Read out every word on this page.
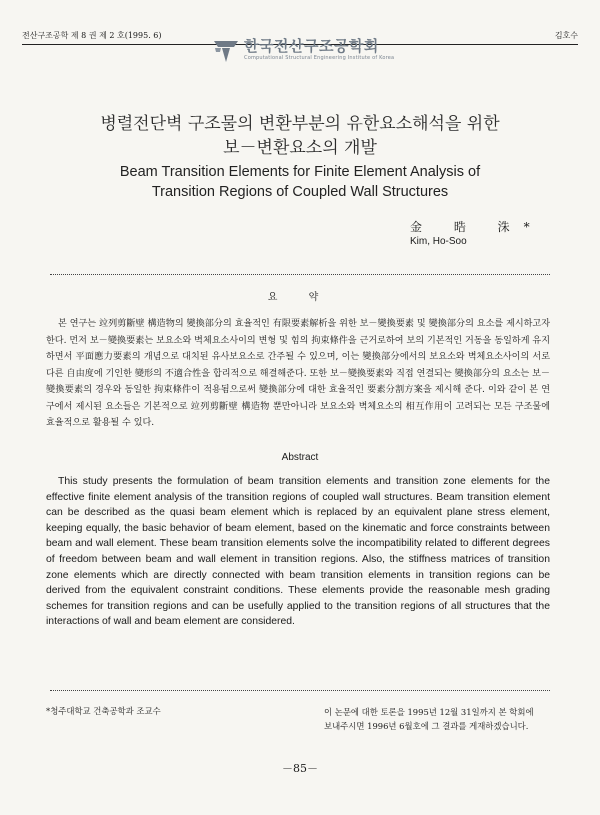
전산구조공학 제 8 권 제 2 호(1995. 6)	김호수
한국전산구조공학회
Computational Structural Engineering Institute of Korea
병렬전단벽 구조물의 변환부분의 유한요소해석을 위한
보－변환요소의 개발
Beam Transition Elements for Finite Element Analysis of
Transition Regions of Coupled Wall Structures
金 晧 洙*
Kim, Ho-Soo
요 약
본 연구는 竝列剪斷壁 構造物의 變換部分의 효율적인 有限要素解析을 위한 보－變換要素 및 變換部分의 요소를 제시하고자 한다. 먼저 보－變換要素는 보요소와 벽체요소사이의 변형 및 힘의 拘束條件을 근거로하여 보의 기본적인 거동을 동일하게 유지하면서 平面應力要素의 개념으로 대치된 유사보요소로 간주될 수 있으며, 이는 變換部分에서의 보요소와 벽체요소사이의 서로 다른 自由度에 기인한 變形의 不適合性을 합리적으로 해결해준다. 또한 보－變換要素와 직접 연결되는 變換部分의 요소는 보－變換要素의 경우와 동일한 拘束條件이 적용됨으로써 變換部分에 대한 효율적인 要素分割方案을 제시해 준다. 이와 같이 본 연구에서 제시된 요소들은 기본적으로 竝列剪斷壁 構造物 뿐만아니라 보요소와 벽체요소의 相互作用이 고려되는 모든 구조물에 효율적으로 활용될 수 있다.
Abstract
This study presents the formulation of beam transition elements and transition zone elements for the effective finite element analysis of the transition regions of coupled wall structures. Beam transition element can be described as the quasi beam element which is replaced by an equivalent plane stress element, keeping equally, the basic behavior of beam element, based on the kinematic and force constraints between beam and wall element. These beam transition elements solve the incompatibility related to different degrees of freedom between beam and wall element in transition regions. Also, the stiffness matrices of transition zone elements which are directly connected with beam transition elements in transition regions can be derived from the equivalent constraint conditions. These elements provide the reasonable mesh grading schemes for transition regions and can be usefully applied to the transition regions of all structures that the interactions of wall and beam element are considered.
*청주대학교 건축공학과 조교수	이 논문에 대한 토론을 1995년 12월 31일까지 본 학회에
보내주시면 1996년 6월호에 그 결과를 게재하겠습니다.
－85－
